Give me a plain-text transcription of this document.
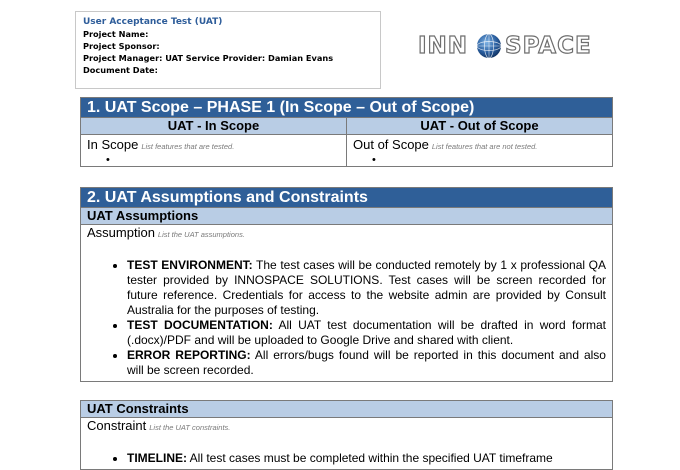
User Acceptance Test (UAT)
Project Name:
Project Sponsor:
Project Manager: UAT Service Provider: Damian Evans
Document Date:
INN SPACE
1. UAT Scope – PHASE 1 (In Scope – Out of Scope)
UAT - In Scope
In Scope List features that are tested.
•
UAT - Out of Scope
Out of Scope List features that are not tested.
•
2. UAT Assumptions and Constraints
UAT Assumptions
Assumption List the UAT assumptions.
• TEST ENVIRONMENT: The test cases will be conducted remotely by 1 x professional QA tester provided by INNOSPACE SOLUTIONS. Test cases will be screen recorded for future reference. Credentials for access to the website admin are provided by Consult Australia for the purposes of testing.
• TEST DOCUMENTATION: All UAT test documentation will be drafted in word format (.docx)/PDF and will be uploaded to Google Drive and shared with client.
• ERROR REPORTING: All errors/bugs found will be reported in this document and also will be screen recorded.
UAT Constraints
Constraint List the UAT constraints.
• TIMELINE: All test cases must be completed within the specified UAT timeframe
